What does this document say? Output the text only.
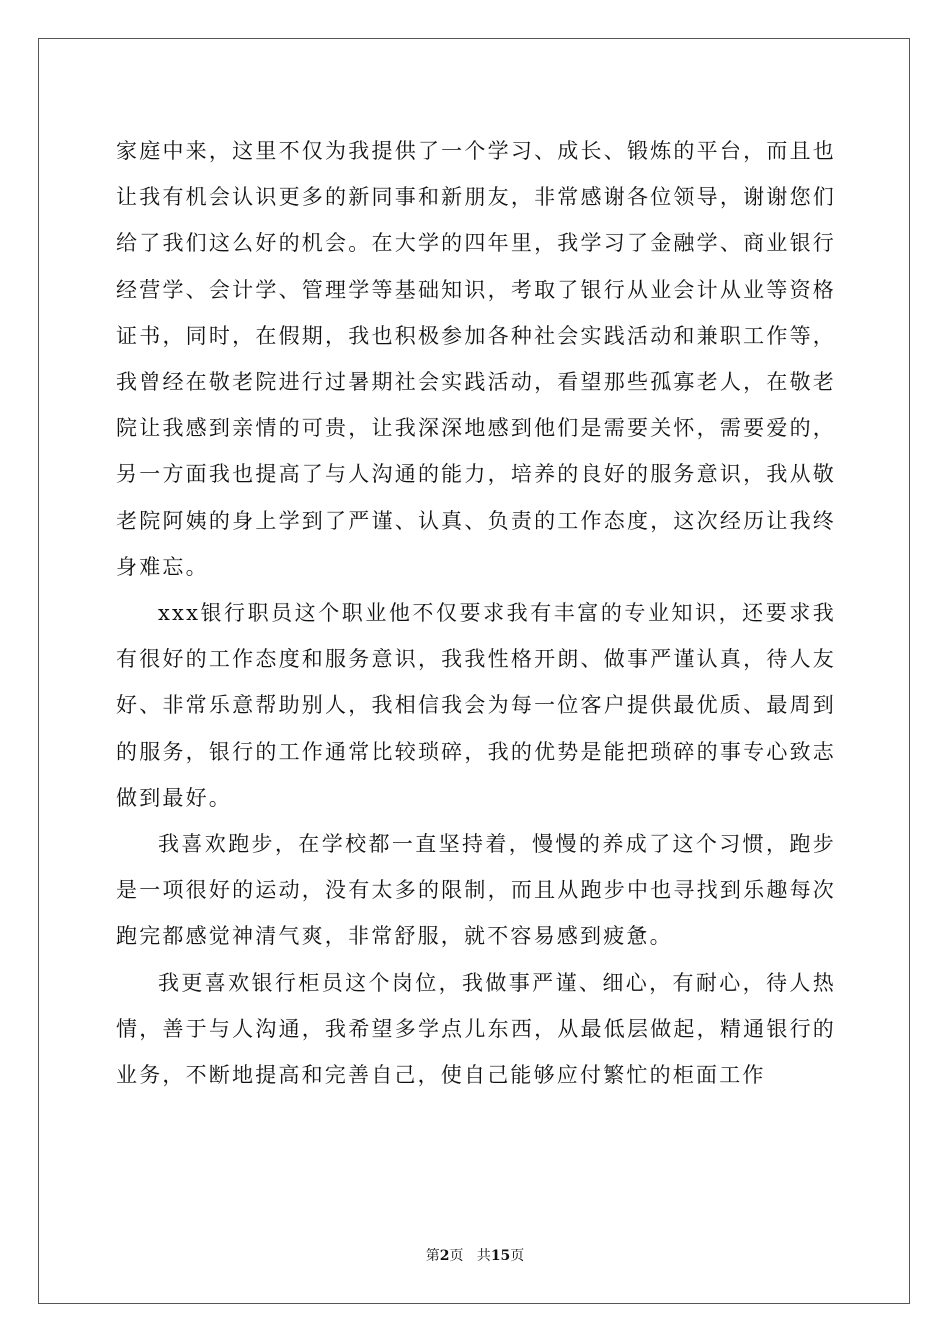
家庭中来，这里不仅为我提供了一个学习、成长、锻炼的平台，而且也让我有机会认识更多的新同事和新朋友，非常感谢各位领导，谢谢您们给了我们这么好的机会。在大学的四年里，我学习了金融学、商业银行经营学、会计学、管理学等基础知识，考取了银行从业会计从业等资格证书，同时，在假期，我也积极参加各种社会实践活动和兼职工作等，我曾经在敬老院进行过暑期社会实践活动，看望那些孤寡老人，在敬老院让我感到亲情的可贵，让我深深地感到他们是需要关怀，需要爱的，另一方面我也提高了与人沟通的能力，培养的良好的服务意识，我从敬老院阿姨的身上学到了严谨、认真、负责的工作态度，这次经历让我终身难忘。

xxx银行职员这个职业他不仅要求我有丰富的专业知识，还要求我有很好的工作态度和服务意识，我我性格开朗、做事严谨认真，待人友好、非常乐意帮助别人，我相信我会为每一位客户提供最优质、最周到的服务，银行的工作通常比较琐碎，我的优势是能把琐碎的事专心致志做到最好。

我喜欢跑步，在学校都一直坚持着，慢慢的养成了这个习惯，跑步是一项很好的运动，没有太多的限制，而且从跑步中也寻找到乐趣每次跑完都感觉神清气爽，非常舒服，就不容易感到疲惫。

我更喜欢银行柜员这个岗位，我做事严谨、细心，有耐心，待人热情，善于与人沟通，我希望多学点儿东西，从最低层做起，精通银行的业务，不断地提高和完善自己，使自己能够应付繁忙的柜面工作

第2页 共15页
